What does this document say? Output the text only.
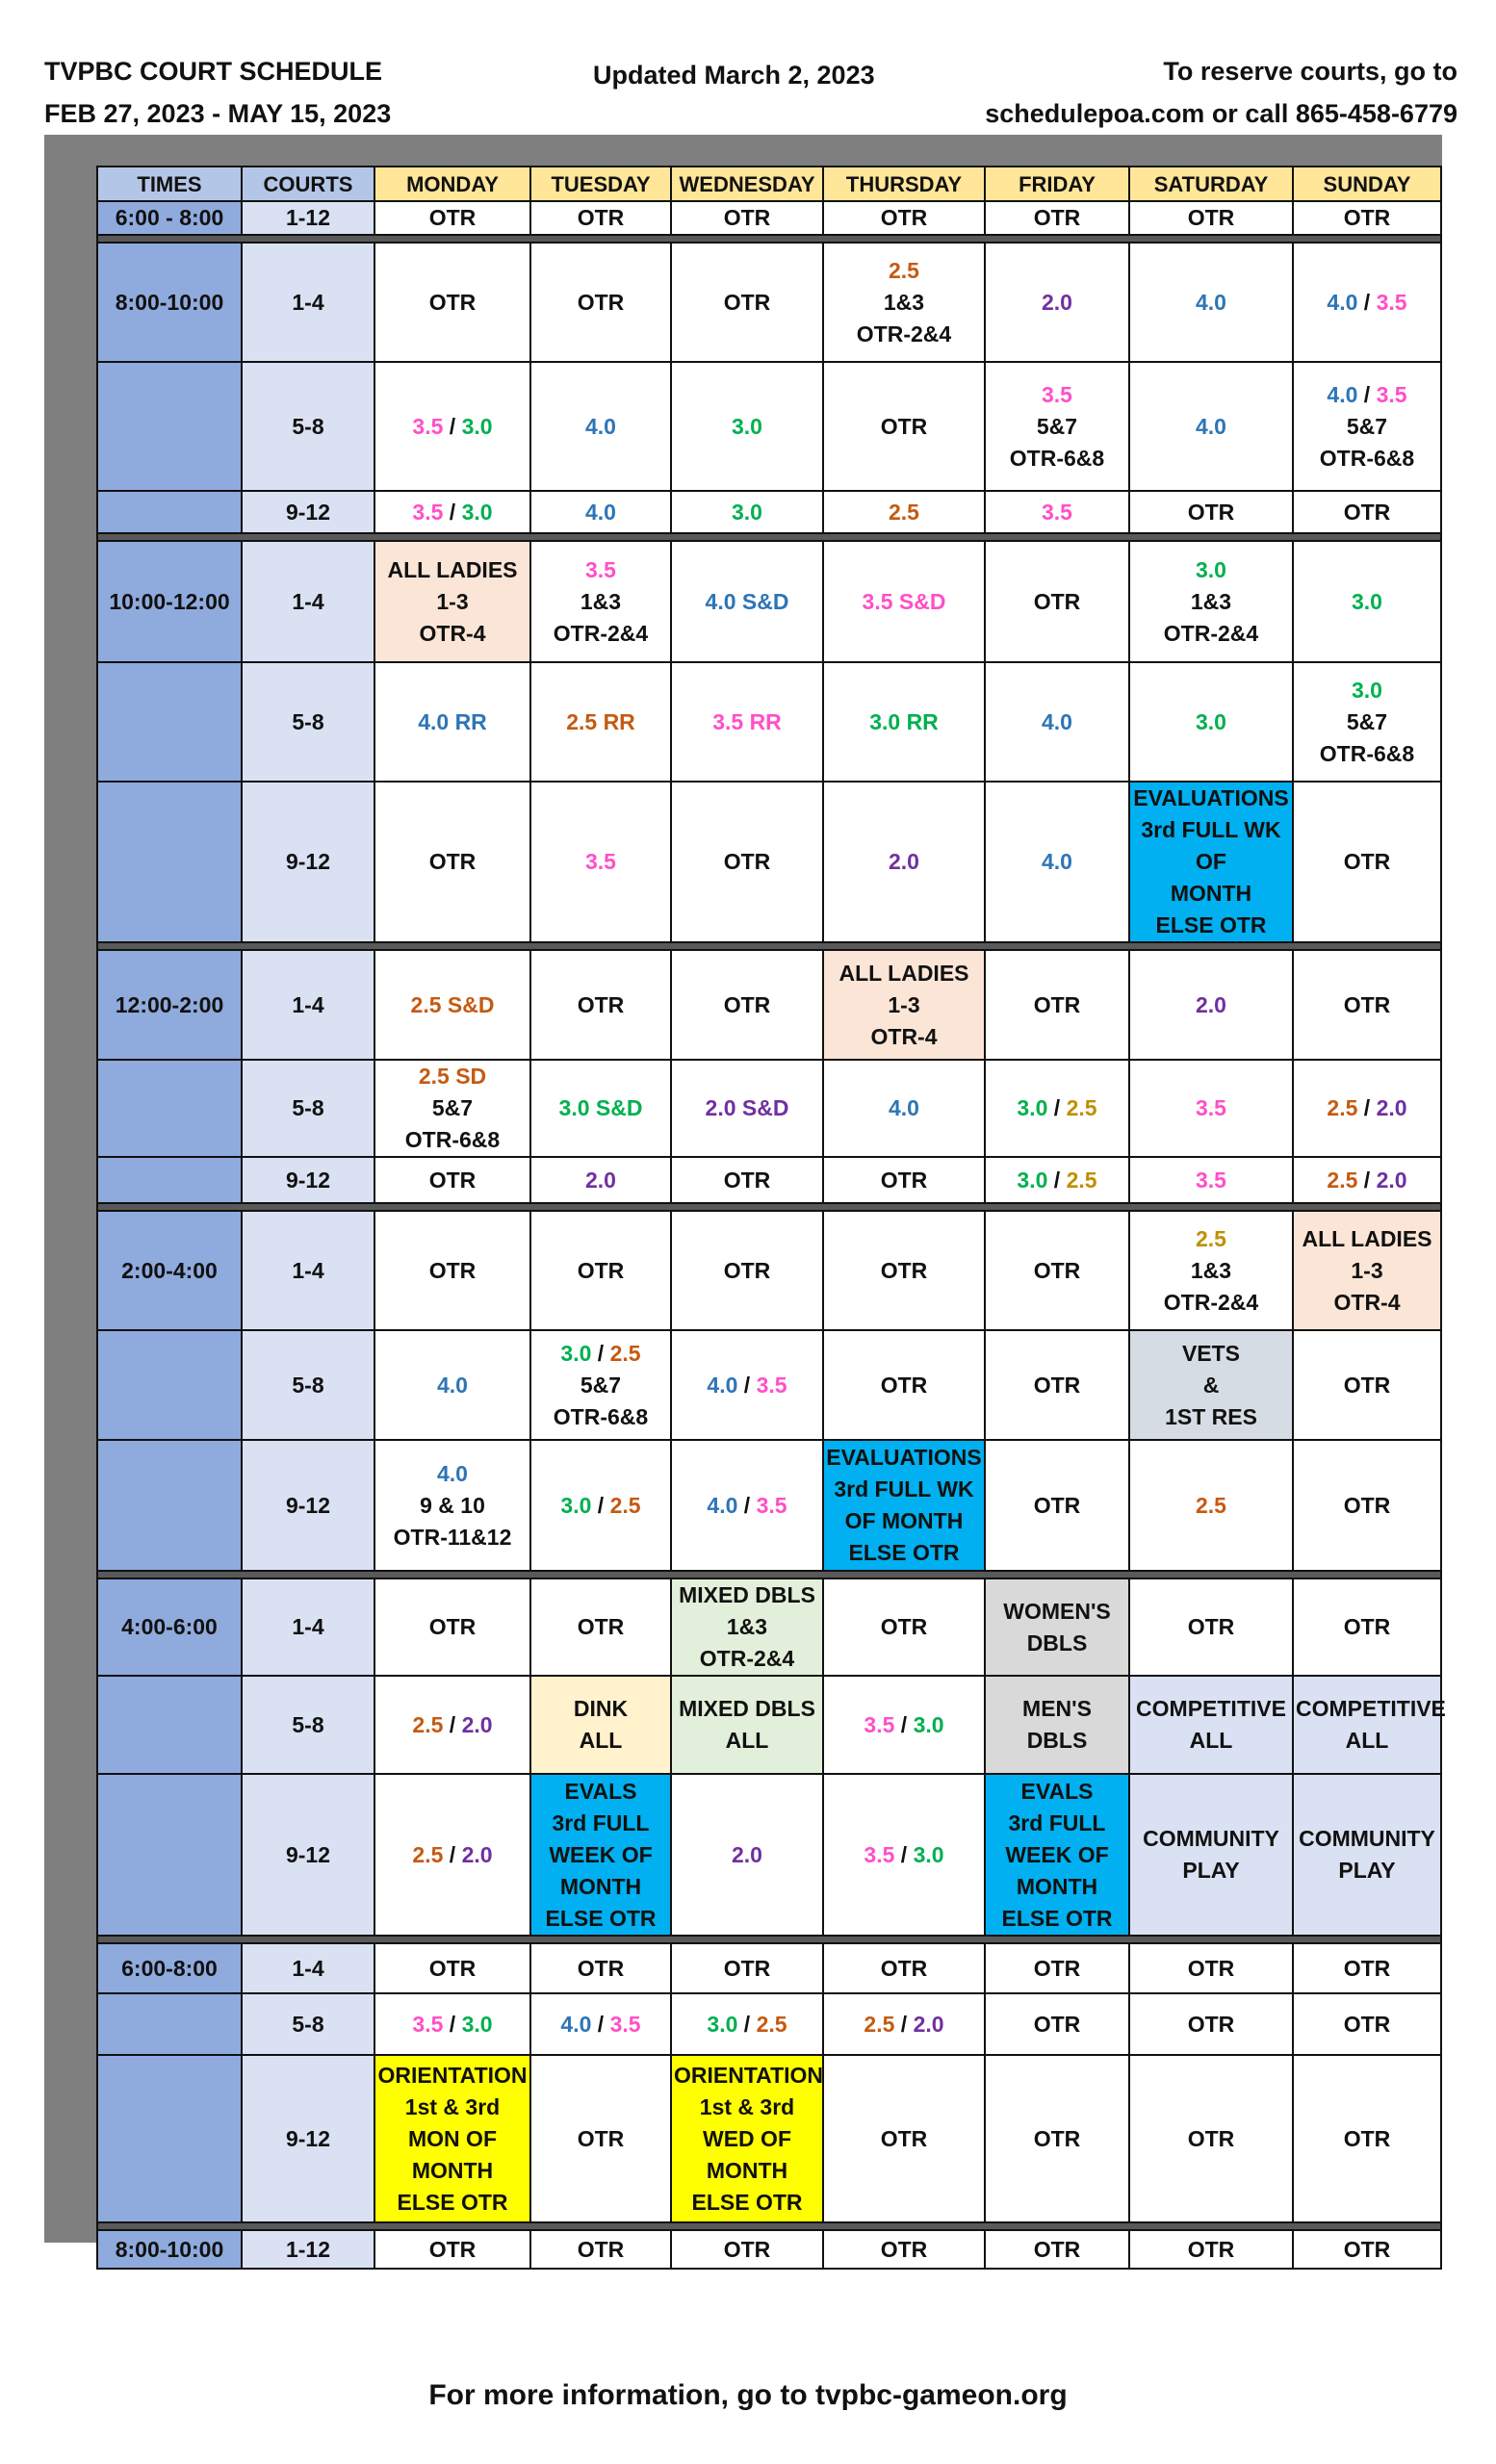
TVPBC COURT SCHEDULE
FEB 27, 2023 - MAY 15, 2023
Updated March 2, 2023	To reserve courts, go to
schedulepoa.com or call 865-458-6779
TIMES	COURTS	MONDAY	TUESDAY	WEDNESDAY	THURSDAY	FRIDAY	SATURDAY	SUNDAY
6:00 - 8:00	1-12	OTR	OTR	OTR	OTR	OTR	OTR	OTR

8:00-10:00	1-4	OTR	OTR	OTR	2.5
1&3
OTR-2&4	2.0	4.0	4.0 / 3.5

	5-8	3.5 / 3.0	4.0	3.0	OTR	3.5
5&7
OTR-6&8	4.0	4.0 / 3.5
5&7
OTR-6&8

	9-12	3.5 / 3.0	4.0	3.0	2.5	3.5	OTR	OTR

10:00-12:00	1-4	ALL LADIES
1-3
OTR-4	3.5
1&3
OTR-2&4	4.0 S&D	3.5 S&D	OTR	3.0
1&3
OTR-2&4	3.0

	5-8	4.0 RR	2.5 RR	3.5 RR	3.0 RR	4.0	3.0	3.0
5&7
OTR-6&8

	9-12	OTR	3.5	OTR	2.0	4.0	EVALUATIONS
3rd FULL WK OF
MONTH
ELSE OTR	OTR

12:00-2:00	1-4	2.5 S&D	OTR	OTR	ALL LADIES
1-3
OTR-4	OTR	2.0	OTR

	5-8	2.5 SD
5&7
OTR-6&8	3.0 S&D	2.0 S&D	4.0	3.0 / 2.5	3.5	2.5 / 2.0

	9-12	OTR	2.0	OTR	OTR	3.0 / 2.5	3.5	2.5 / 2.0

2:00-4:00	1-4	OTR	OTR	OTR	OTR	OTR	2.5
1&3
OTR-2&4	ALL LADIES
1-3
OTR-4

	5-8	4.0	3.0 / 2.5
5&7
OTR-6&8	4.0 / 3.5	OTR	OTR	VETS
&
1ST RES	OTR

	9-12	4.0
9 & 10
OTR-11&12	3.0 / 2.5	4.0 / 3.5	EVALUATIONS
3rd FULL WK
OF MONTH
ELSE OTR	OTR	2.5	OTR

4:00-6:00	1-4	OTR	OTR	MIXED DBLS
1&3
OTR-2&4	OTR	WOMEN'S
DBLS	OTR	OTR

	5-8	2.5 / 2.0	DINK
ALL	MIXED DBLS
ALL	3.5 / 3.0	MEN'S
DBLS	COMPETITIVE
ALL	COMPETITIVE
ALL

	9-12	2.5 / 2.0	EVALS
3rd FULL
WEEK OF
MONTH
ELSE OTR	2.0	3.5 / 3.0	EVALS
3rd FULL
WEEK OF
MONTH
ELSE OTR	COMMUNITY
PLAY	COMMUNITY
PLAY

6:00-8:00	1-4	OTR	OTR	OTR	OTR	OTR	OTR	OTR

	5-8	3.5 / 3.0	4.0 / 3.5	3.0 / 2.5	2.5 / 2.0	OTR	OTR	OTR

	9-12	ORIENTATION
1st & 3rd
MON OF
MONTH
ELSE OTR	OTR	ORIENTATION
1st & 3rd
WED OF
MONTH
ELSE OTR	OTR	OTR	OTR	OTR

8:00-10:00	1-12	OTR	OTR	OTR	OTR	OTR	OTR	OTR
For more information, go to tvpbc-gameon.org
